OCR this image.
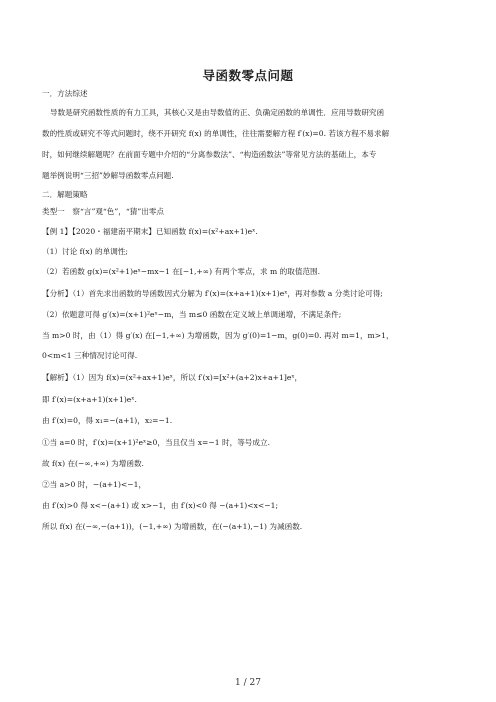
导函数零点问题
一．方法综述
导数是研究函数性质的有力工具，其核心又是由导数值的正、负确定函数的单调性．应用导数研究函
数的性质或研究不等式问题时，绕不开研究 f(x) 的单调性，往往需要解方程 f′(x)=0. 若该方程不易求解
时，如何继续解题呢？在前面专题中介绍的“分离参数法”、“构造函数法”等常见方法的基础上，本专
题举例说明“三招”妙解导函数零点问题.
二．解题策略
类型一　察“言”观“色”，“猜”出零点
【例 1】【2020・福建南平期末】已知函数 f(x)=(x²+ax+1)eˣ.
（1）讨论 f(x) 的单调性;
（2）若函数 g(x)=(x²+1)eˣ−mx−1 在[−1,+∞) 有两个零点，求 m 的取值范围.
【分析】（1）首先求出函数的导函数因式分解为 f′(x)=(x+a+1)(x+1)eˣ，再对参数 a 分类讨论可得;
（2）依题意可得 g′(x)=(x+1)²eˣ−m，当 m≤0 函数在定义域上单调递增，不满足条件;
当 m>0 时，由（1）得 g′(x) 在[−1,+∞) 为增函数，因为 g′(0)=1−m，g(0)=0. 再对 m=1，m>1，
0<m<1 三种情况讨论可得.
【解析】（1）因为 f(x)=(x²+ax+1)eˣ，所以 f′(x)=[x²+(a+2)x+a+1]eˣ，
即 f′(x)=(x+a+1)(x+1)eˣ.
由 f′(x)=0，得 x₁=−(a+1)，x₂=−1.
①当 a=0 时，f′(x)=(x+1)²eˣ≥0，当且仅当 x=−1 时，等号成立.
故 f(x) 在(−∞,+∞) 为增函数.
②当 a>0 时，−(a+1)<−1，
由 f′(x)>0 得 x<−(a+1) 或 x>−1，由 f′(x)<0 得 −(a+1)<x<−1;
所以 f(x) 在(−∞,−(a+1))，(−1,+∞) 为增函数，在(−(a+1),−1) 为减函数.
1 / 27
